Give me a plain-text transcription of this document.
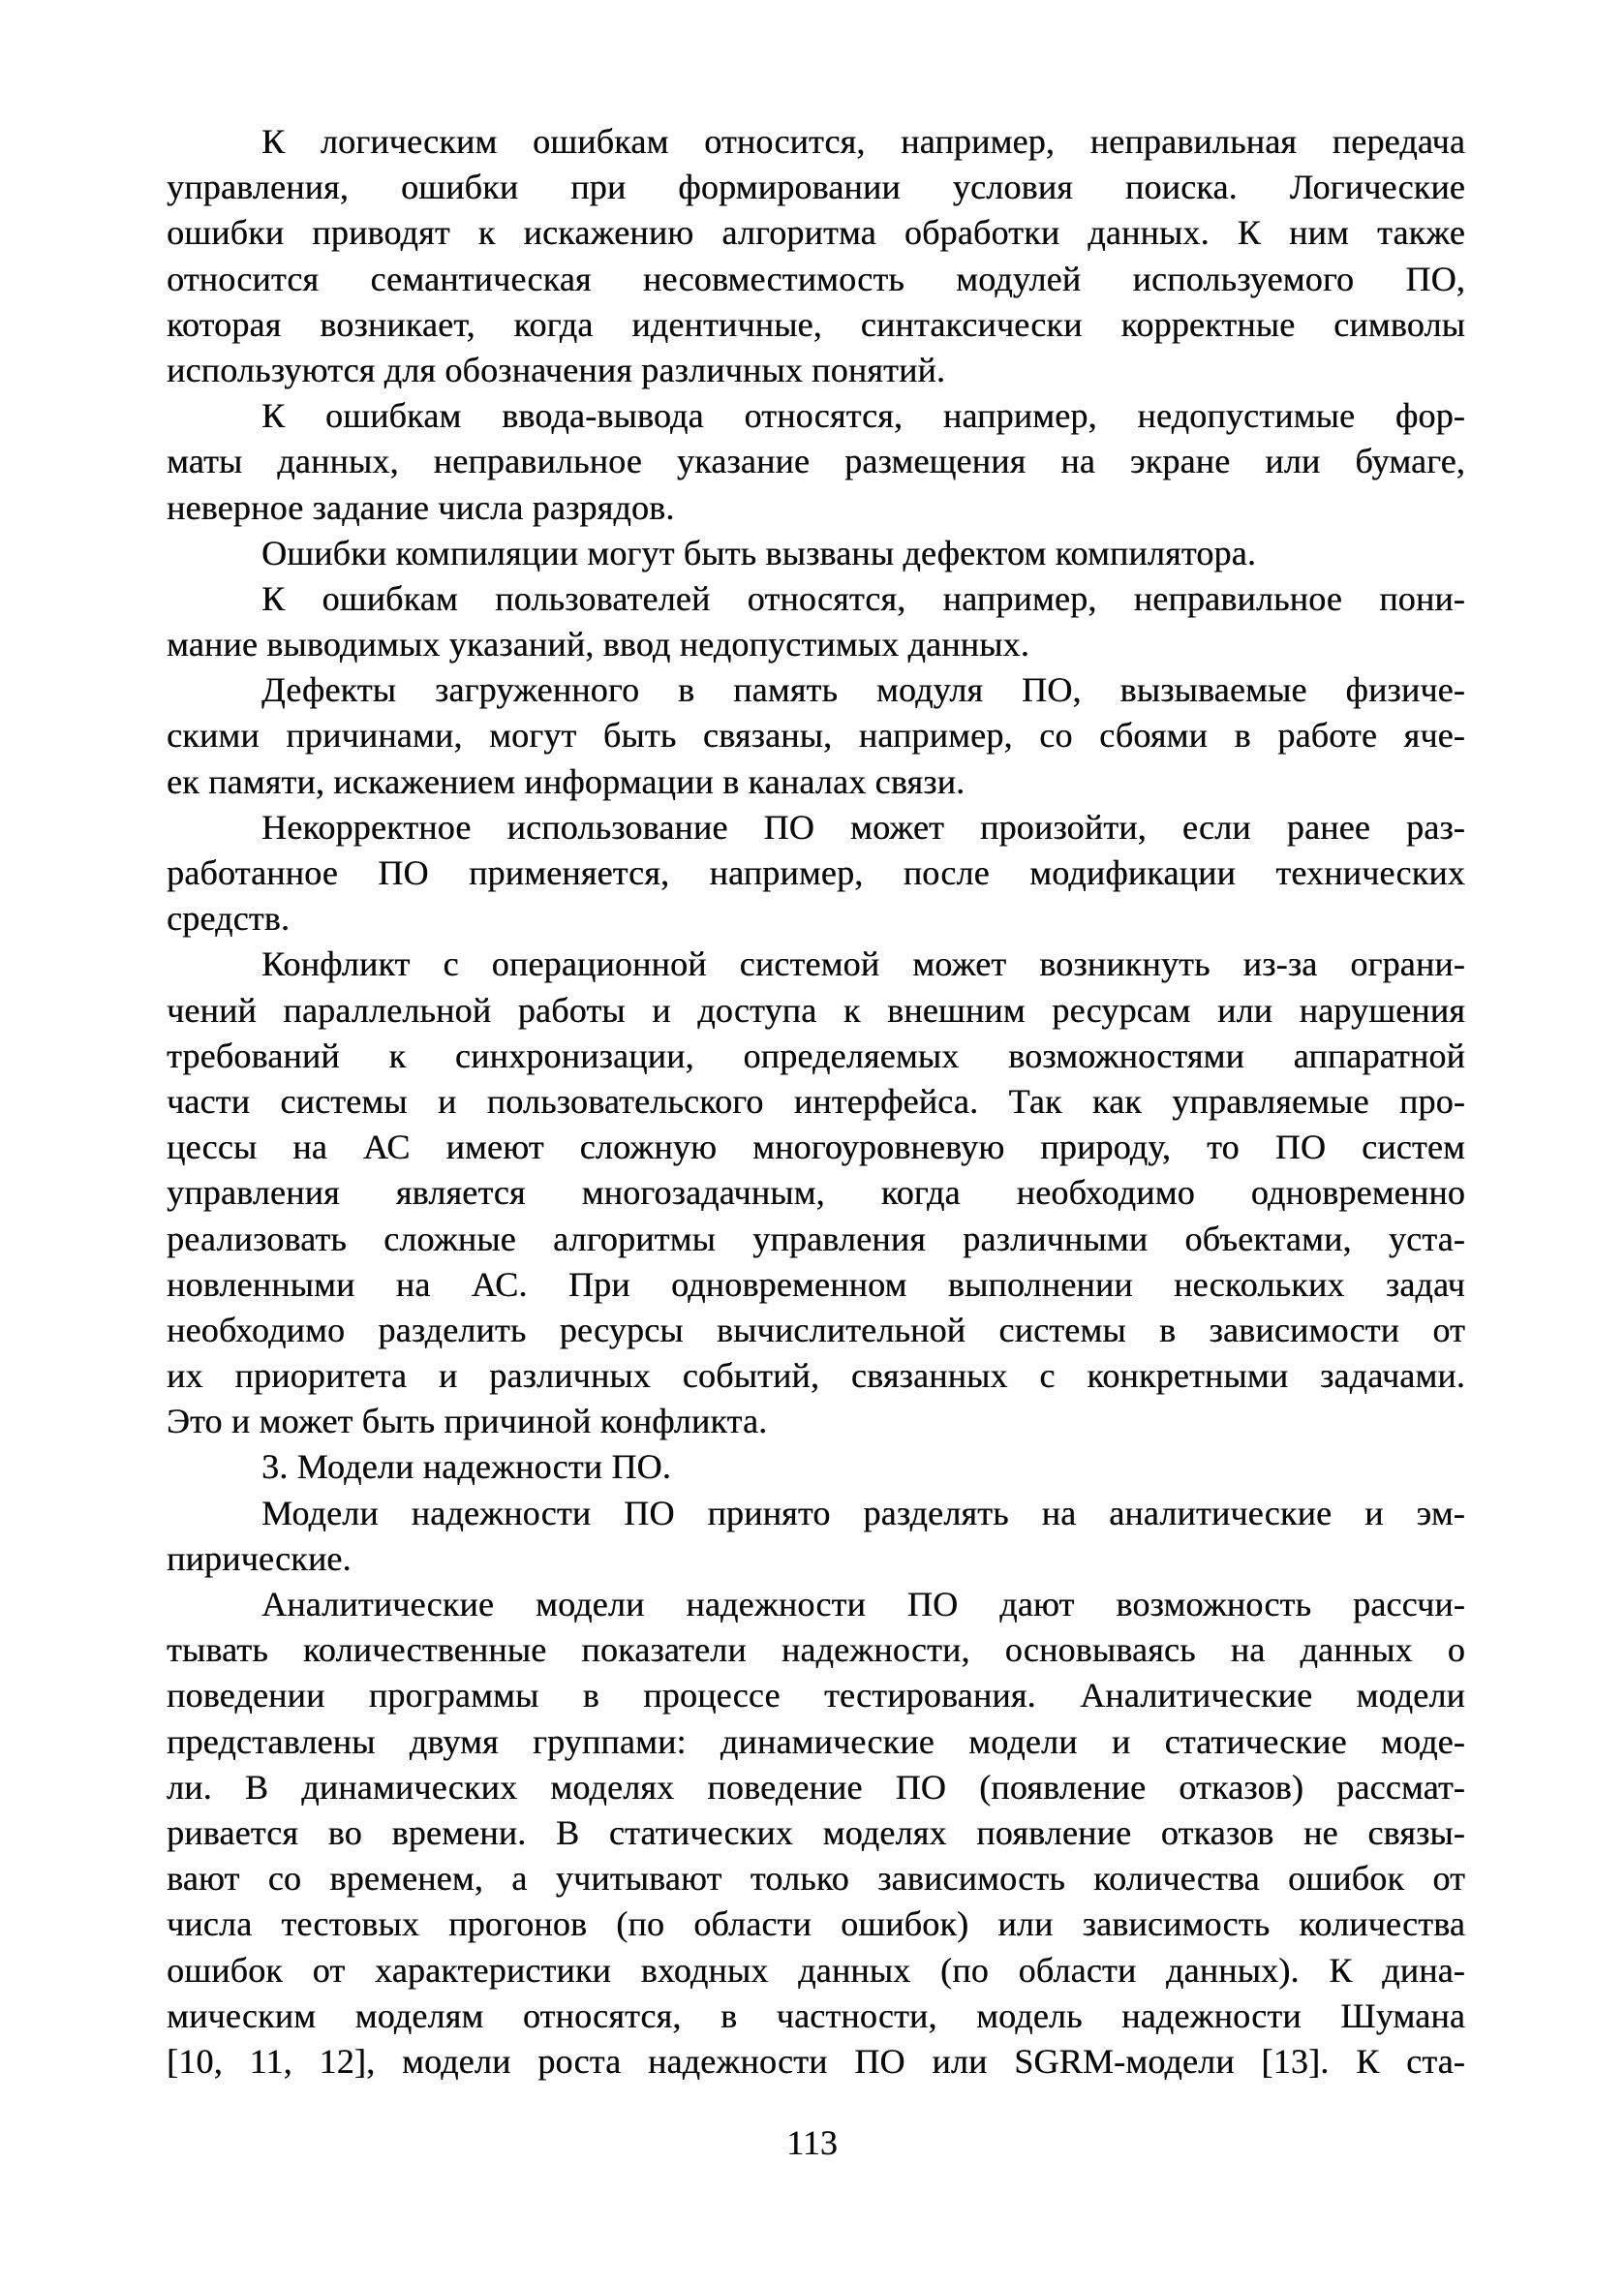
К логическим ошибкам относится, например, неправильная передача
управления, ошибки при формировании условия поиска. Логические
ошибки приводят к искажению алгоритма обработки данных. К ним также
относится семантическая несовместимость модулей используемого ПО,
которая возникает, когда идентичные, синтаксически корректные символы
используются для обозначения различных понятий.
К ошибкам ввода-вывода относятся, например, недопустимые фор-
маты данных, неправильное указание размещения на экране или бумаге,
неверное задание числа разрядов.
Ошибки компиляции могут быть вызваны дефектом компилятора.
К ошибкам пользователей относятся, например, неправильное пони-
мание выводимых указаний, ввод недопустимых данных.
Дефекты загруженного в память модуля ПО, вызываемые физиче-
скими причинами, могут быть связаны, например, со сбоями в работе яче-
ек памяти, искажением информации в каналах связи.
Некорректное использование ПО может произойти, если ранее раз-
работанное ПО применяется, например, после модификации технических
средств.
Конфликт с операционной системой может возникнуть из-за ограни-
чений параллельной работы и доступа к внешним ресурсам или нарушения
требований к синхронизации, определяемых возможностями аппаратной
части системы и пользовательского интерфейса. Так как управляемые про-
цессы на АС имеют сложную многоуровневую природу, то ПО систем
управления является многозадачным, когда необходимо одновременно
реализовать сложные алгоритмы управления различными объектами, уста-
новленными на АС. При одновременном выполнении нескольких задач
необходимо разделить ресурсы вычислительной системы в зависимости от
их приоритета и различных событий, связанных с конкретными задачами.
Это и может быть причиной конфликта.
3. Модели надежности ПО.
Модели надежности ПО принято разделять на аналитические и эм-
пирические.
Аналитические модели надежности ПО дают возможность рассчи-
тывать количественные показатели надежности, основываясь на данных о
поведении программы в процессе тестирования. Аналитические модели
представлены двумя группами: динамические модели и статические моде-
ли. В динамических моделях поведение ПО (появление отказов) рассмат-
ривается во времени. В статических моделях появление отказов не связы-
вают со временем, а учитывают только зависимость количества ошибок от
числа тестовых прогонов (по области ошибок) или зависимость количества
ошибок от характеристики входных данных (по области данных). К дина-
мическим моделям относятся, в частности, модель надежности Шумана
[10, 11, 12], модели роста надежности ПО или SGRM-модели [13]. К ста-
113
